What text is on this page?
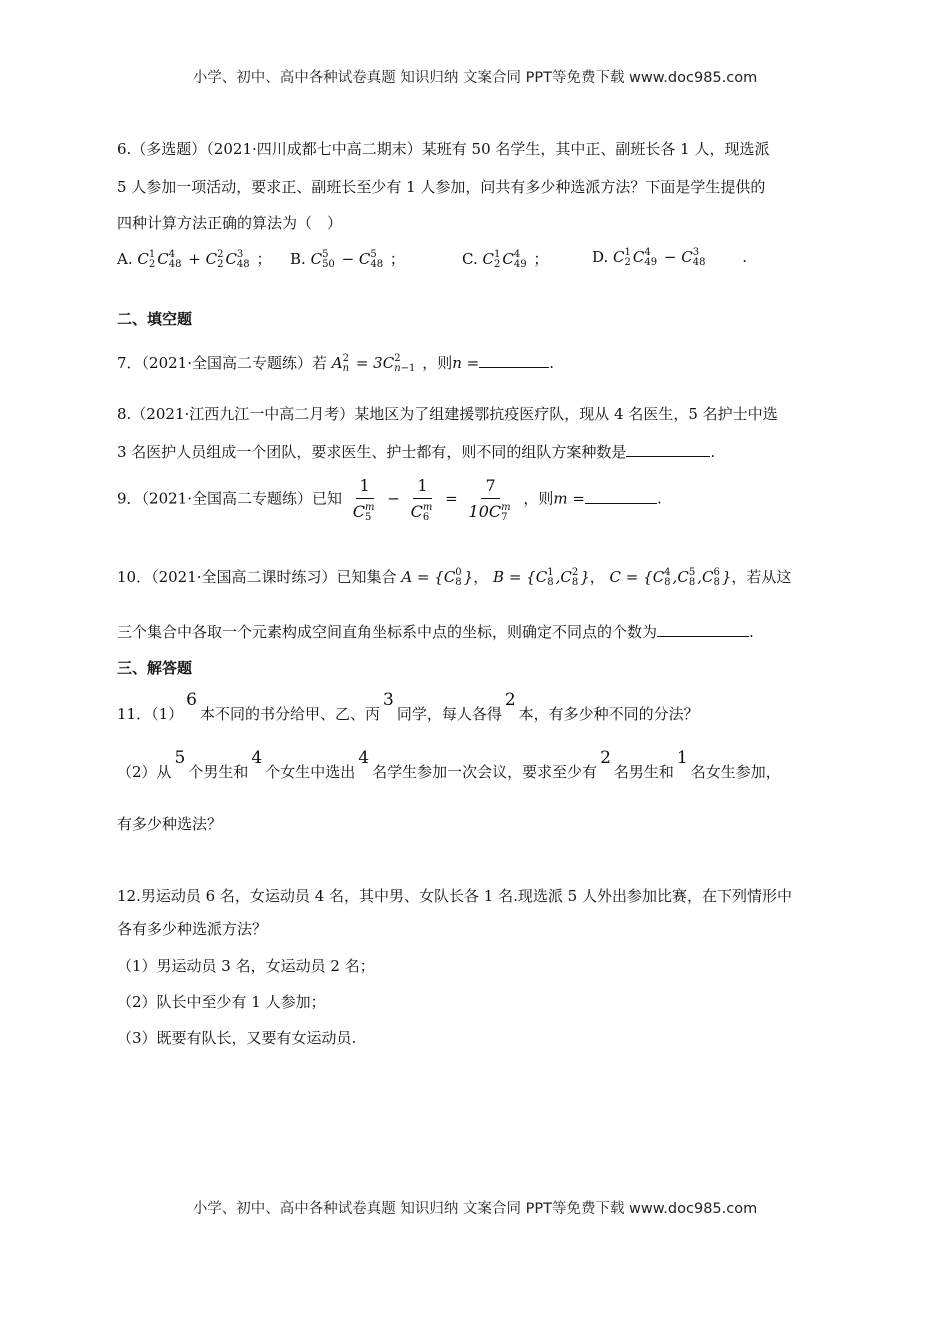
小学、初中、高中各种试卷真题 知识归纳 文案合同 PPT等免费下载 www.doc985.com
6.（多选题）（2021·四川成都七中高二期末）某班有 50 名学生，其中正、副班长各 1 人，现选派
5 人参加一项活动，要求正、副班长至少有 1 人参加，问共有多少种选派方法？下面是学生提供的
四种计算方法正确的算法为（　）
A. C 1
2 C 4
48 + C 2
2 C 3
48 ； B. C 5
50 − C 5
48 ；	C. C 1
2 C 4
49 ；	D. C 1
2 C 4
49 − C 3
48 .
二、填空题
7．（2021·全国高二专题练）若 A 2
n = 3C 2
n−1 ，则n =	.
8.（2021·江西九江一中高二月考）某地区为了组建援鄂抗疫医疗队，现从 4 名医生，5 名护士中选
3 名医护人员组成一个团队，要求医生、护士都有，则不同的组队方案种数是	.
9．（2021·全国高二专题练）已知 1
C m
5 − 1
C m
6 = 7
10C m
7 ，则m =	.
10．（2021·全国高二课时练习）已知集合 A = {C 0
8 }， B = {C 1
8 ,C 2
8 }， C = {C 4
8 ,C 5
8 ,C 6
8 }，若从这
三个集合中各取一个元素构成空间直角坐标系中点的坐标，则确定不同点的个数为	.
三、解答题
11．（1）6本不同的书分给甲、乙、丙3同学，每人各得2本，有多少种不同的分法？
（2）从5个男生和4个女生中选出4名学生参加一次会议，要求至少有2名男生和1名女生参加，
有多少种选法？
12.男运动员 6 名，女运动员 4 名，其中男、女队长各 1 名.现选派 5 人外出参加比赛，在下列情形中
各有多少种选派方法？
（1）男运动员 3 名，女运动员 2 名；
（2）队长中至少有 1 人参加；
（3）既要有队长，又要有女运动员.
小学、初中、高中各种试卷真题 知识归纳 文案合同 PPT等免费下载 www.doc985.com
